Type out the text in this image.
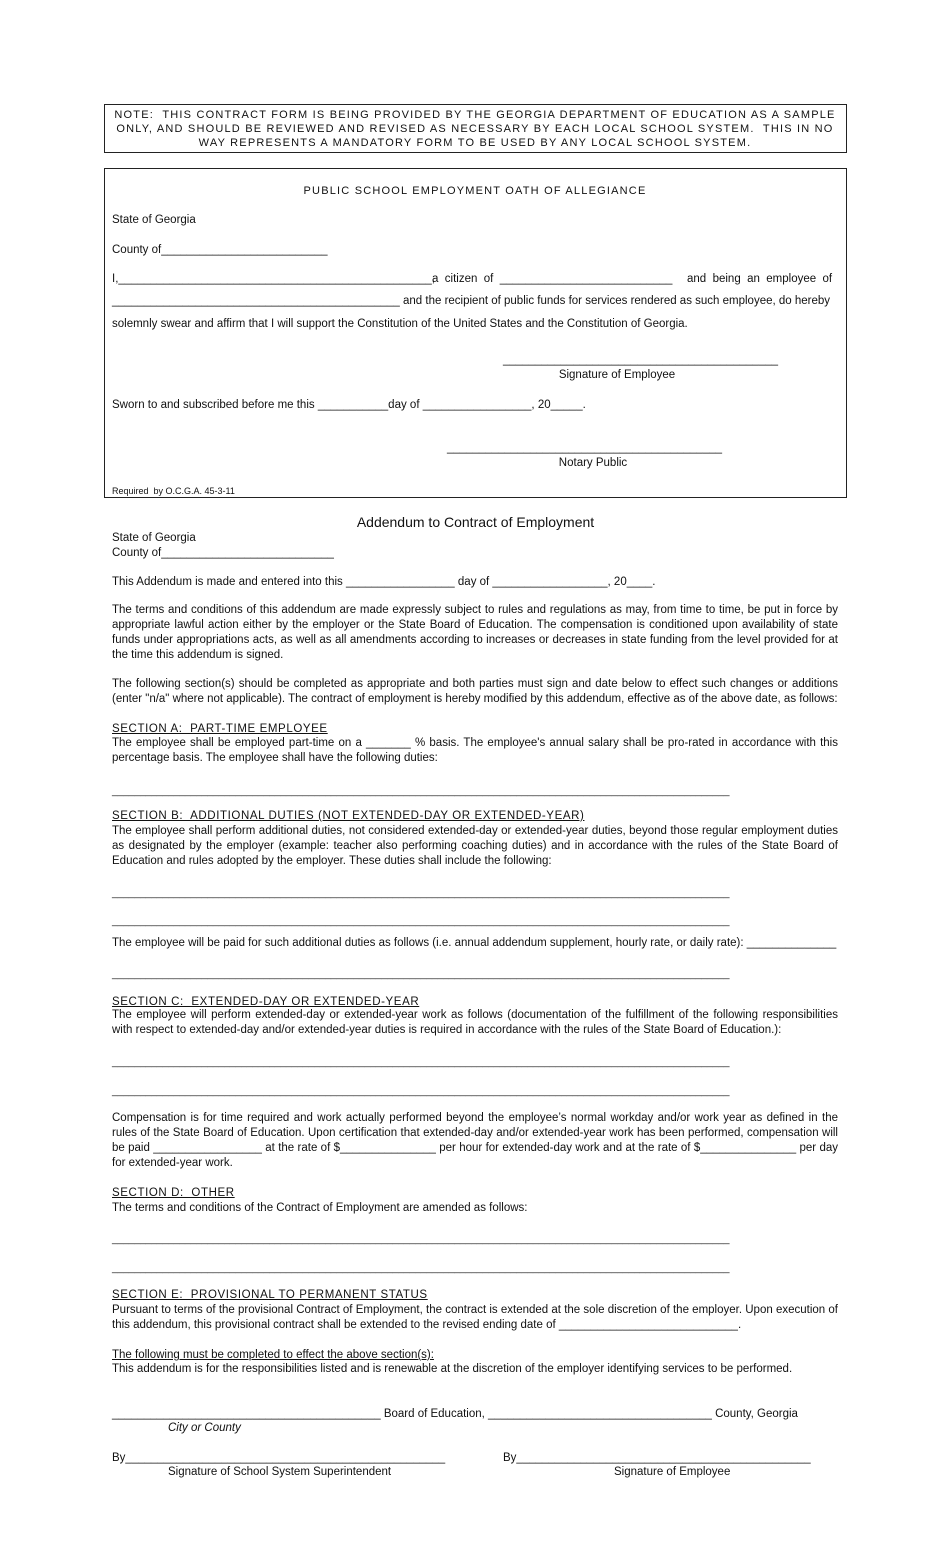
NOTE:  THIS CONTRACT FORM IS BEING PROVIDED BY THE GEORGIA DEPARTMENT OF EDUCATION AS A SAMPLE
ONLY, AND SHOULD BE REVIEWED AND REVISED AS NECESSARY BY EACH LOCAL SCHOOL SYSTEM.  THIS IN NO
WAY REPRESENTS A MANDATORY FORM TO BE USED BY ANY LOCAL SCHOOL SYSTEM.
PUBLIC SCHOOL EMPLOYMENT OATH OF ALLEGIANCE
State of Georgia
County of__________________________
I,_________________________________________________,
a  citizen  of  ___________________________ and  being  an  employee  of
_____________________________________________ and the recipient of public funds for services rendered as such employee, do hereby
solemnly swear and affirm that I will support the Constitution of the United States and the Constitution of Georgia.
___________________________________________
Signature of Employee
Sworn to and subscribed before me this ___________day of _________________, 20_____.
___________________________________________
Notary Public
Required  by O.C.G.A. 45-3-11
Addendum to Contract of Employment
State of Georgia
County of___________________________
This Addendum is made and entered into this _________________ day of __________________, 20____.
The terms and conditions of this addendum are made expressly subject to rules and regulations as may, from time to time, be put in force by appropriate lawful action either by the employer or the State Board of Education. The compensation is conditioned upon availability of state funds under appropriations acts, as well as all amendments according to increases or decreases in state funding from the level provided for at the time this addendum is signed.
The following section(s) should be completed as appropriate and both parties must sign and date below to effect such changes or additions (enter "n/a" where not applicable). The contract of employment is hereby modified by this addendum, effective as of the above date, as follows:
SECTION A:  PART-TIME EMPLOYEE
The employee shall be employed part-time on a _______ % basis. The employee's annual salary shall be pro-rated in accordance with this percentage basis. The employee shall have the following duties:
______________________________________________________________________________________________________________
SECTION B:  ADDITIONAL DUTIES (NOT EXTENDED-DAY OR EXTENDED-YEAR)
The employee shall perform additional duties, not considered extended-day or extended-year duties, beyond those regular employment duties as designated by the employer (example: teacher also performing coaching duties) and in accordance with the rules of the State Board of Education and rules adopted by the employer. These duties shall include the following:
______________________________________________________________________________________________________________
______________________________________________________________________________________________________________
The employee will be paid for such additional duties as follows (i.e. annual addendum supplement, hourly rate, or daily rate): ______________
______________________________________________________________________________________________________________
SECTION C:  EXTENDED-DAY OR EXTENDED-YEAR
The employee will perform extended-day or extended-year work as follows (documentation of the fulfillment of the following responsibilities with respect to extended-day and/or extended-year duties is required in accordance with the rules of the State Board of Education.):
______________________________________________________________________________________________________________
______________________________________________________________________________________________________________
Compensation is for time required and work actually performed beyond the employee’s normal workday and/or work year as defined in the rules of the State Board of Education. Upon certification that extended-day and/or extended-year work has been performed, compensation will be paid _________________ at the rate of $_______________ per hour for extended-day work and at the rate of $_______________ per day for extended-year work.
SECTION D:  OTHER
The terms and conditions of the Contract of Employment are amended as follows:
______________________________________________________________________________________________________________
______________________________________________________________________________________________________________
SECTION E:  PROVISIONAL TO PERMANENT STATUS
Pursuant to terms of the provisional Contract of Employment, the contract is extended at the sole discretion of the employer. Upon execution of this addendum, this provisional contract shall be extended to the revised ending date of ____________________________.
The following must be completed to effect the above section(s):
This addendum is for the responsibilities listed and is renewable at the discretion of the employer identifying services to be performed.
__________________________________________ Board of Education, ___________________________________ County, Georgia
City or County
By__________________________________________________	By______________________________________________
Signature of School System Superintendent	Signature of Employee
